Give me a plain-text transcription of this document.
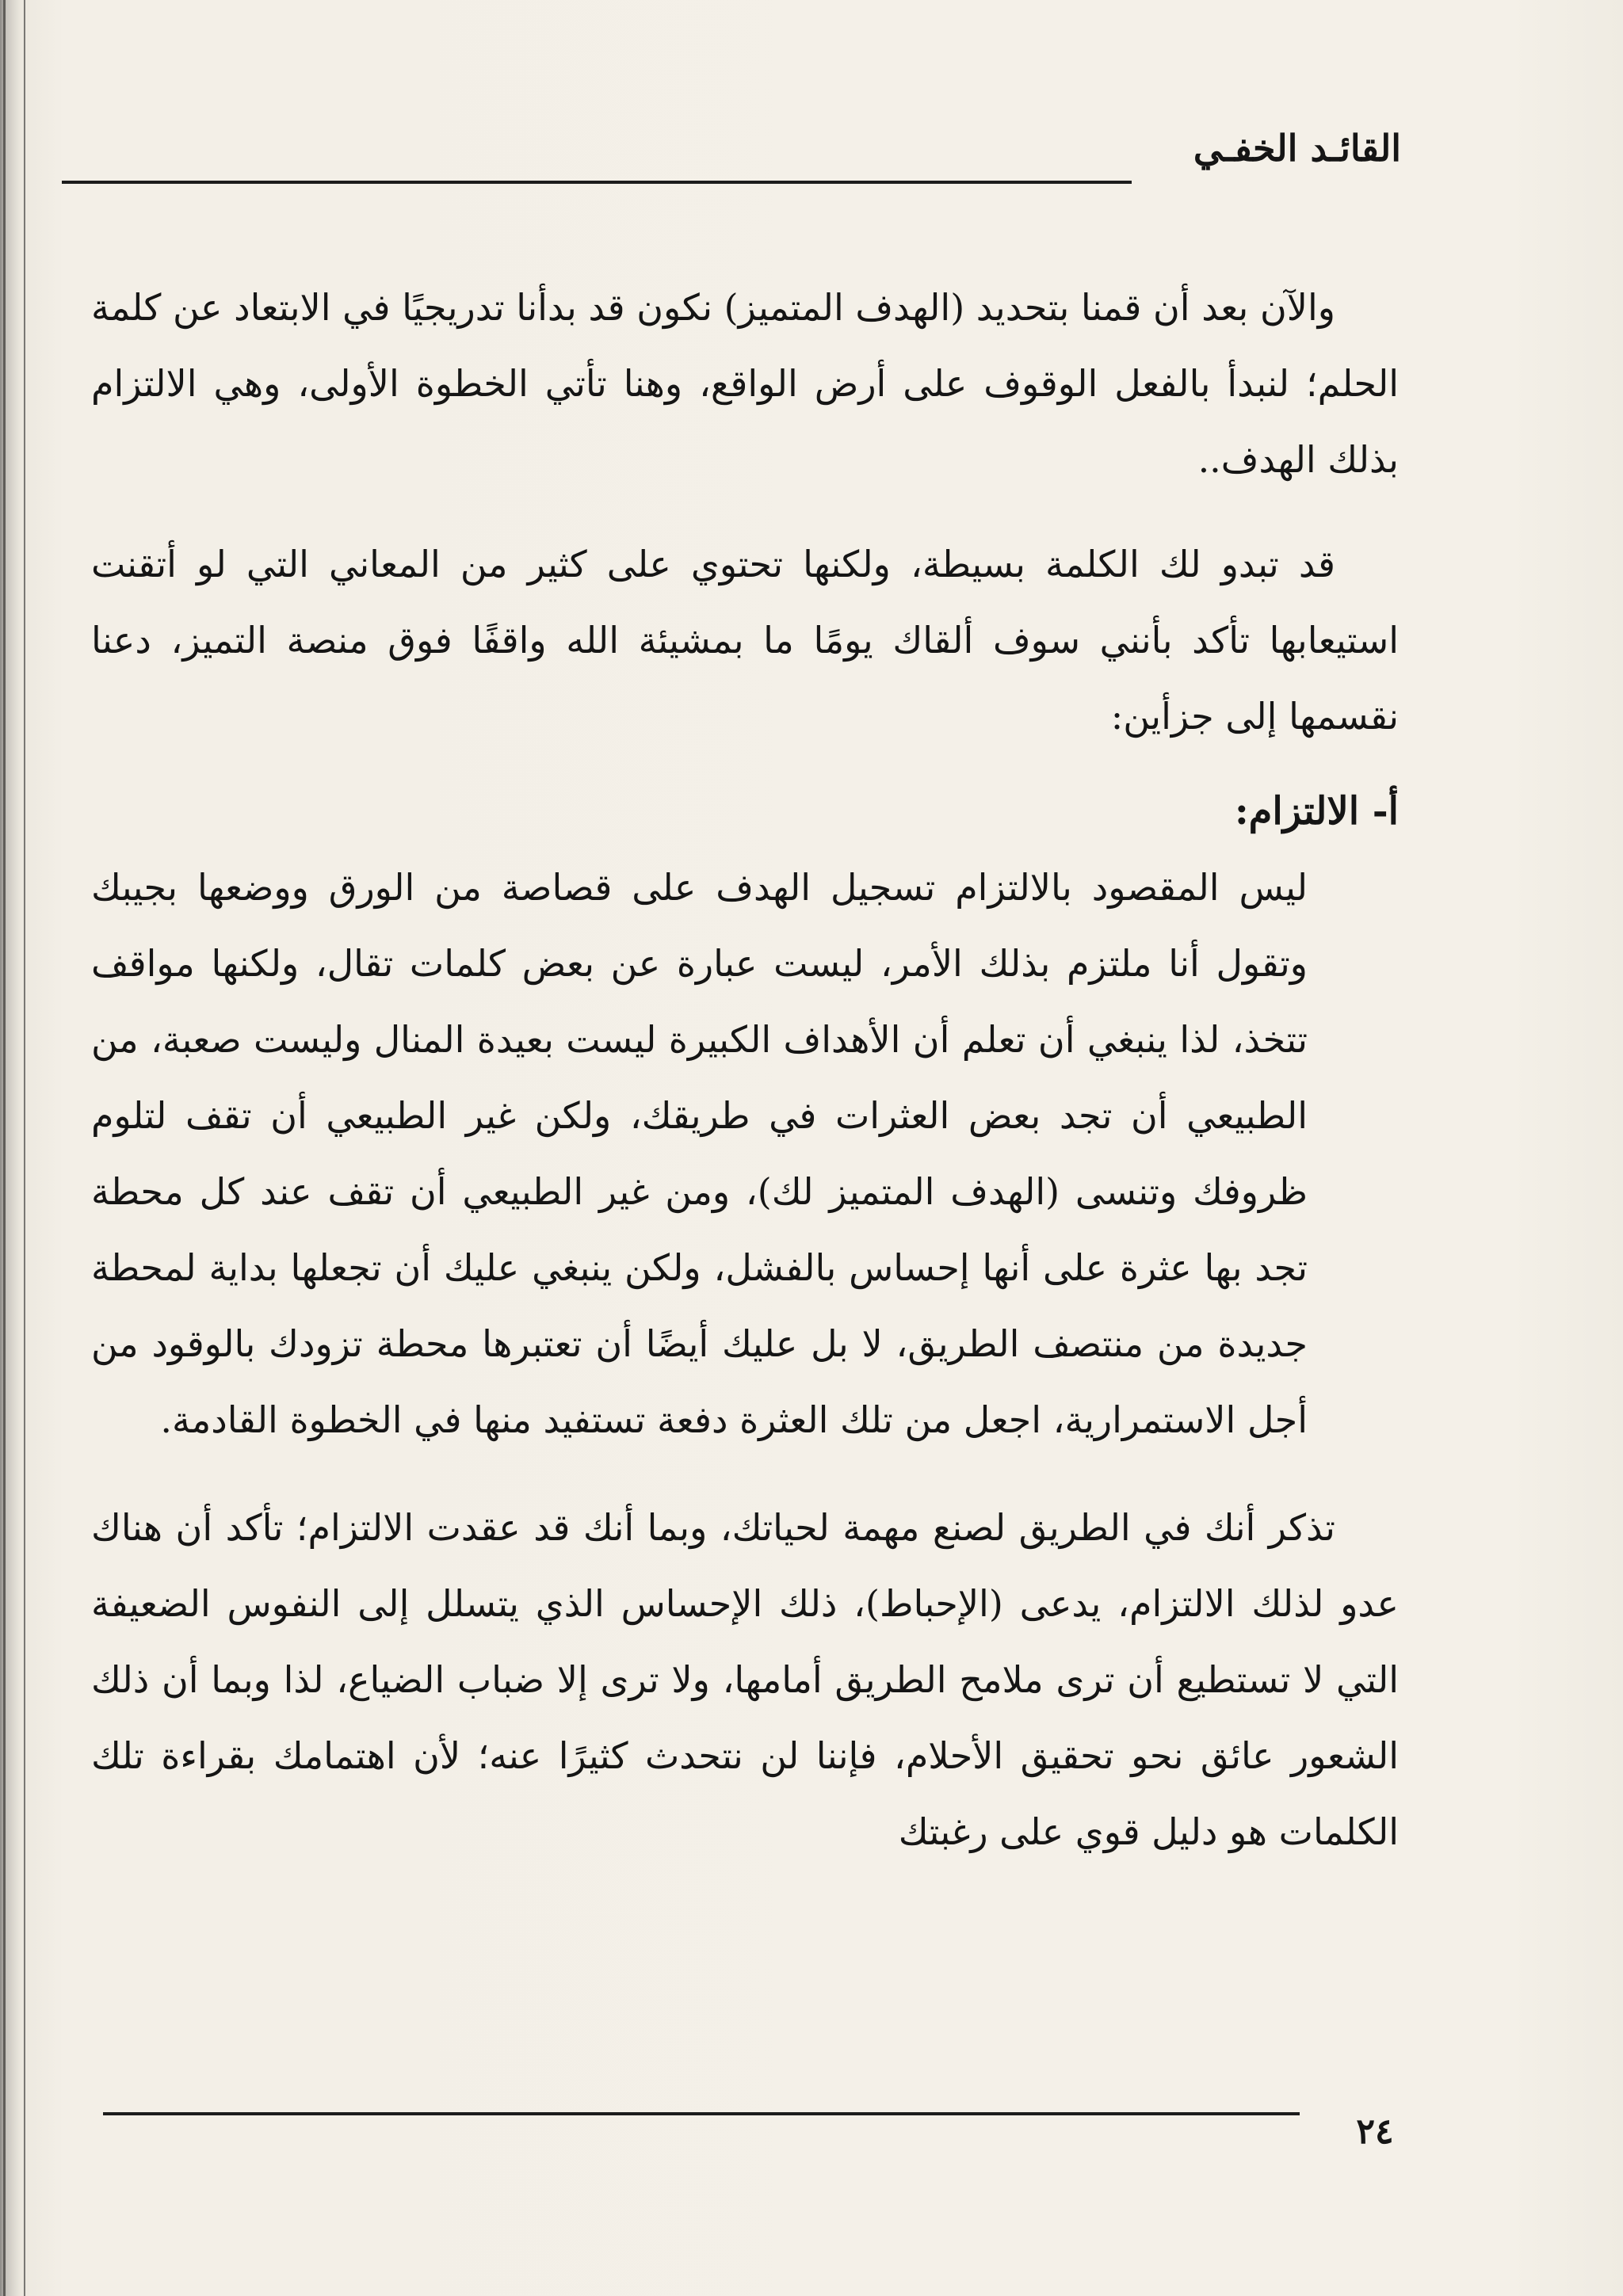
القائـد الخفـي

والآن بعد أن قمنا بتحديد (الهدف المتميز) نكون قد بدأنا تدريجيًا في الابتعاد عن كلمة الحلم؛ لنبدأ بالفعل الوقوف على أرض الواقع، وهنا تأتي الخطوة الأولى، وهي الالتزام بذلك الهدف..

قد تبدو لك الكلمة بسيطة، ولكنها تحتوي على كثير من المعاني التي لو أتقنت استيعابها تأكد بأنني سوف ألقاك يومًا ما بمشيئة الله واقفًا فوق منصة التميز، دعنا نقسمها إلى جزأين:

أ- الالتزام:

ليس المقصود بالالتزام تسجيل الهدف على قصاصة من الورق ووضعها بجيبك وتقول أنا ملتزم بذلك الأمر، ليست عبارة عن بعض كلمات تقال، ولكنها مواقف تتخذ، لذا ينبغي أن تعلم أن الأهداف الكبيرة ليست بعيدة المنال وليست صعبة، من الطبيعي أن تجد بعض العثرات في طريقك، ولكن غير الطبيعي أن تقف لتلوم ظروفك وتنسى (الهدف المتميز لك)، ومن غير الطبيعي أن تقف عند كل محطة تجد بها عثرة على أنها إحساس بالفشل، ولكن ينبغي عليك أن تجعلها بداية لمحطة جديدة من منتصف الطريق، لا بل عليك أيضًا أن تعتبرها محطة تزودك بالوقود من أجل الاستمرارية، اجعل من تلك العثرة دفعة تستفيد منها في الخطوة القادمة.

تذكر أنك في الطريق لصنع مهمة لحياتك، وبما أنك قد عقدت الالتزام؛ تأكد أن هناك عدو لذلك الالتزام، يدعى (الإحباط)، ذلك الإحساس الذي يتسلل إلى النفوس الضعيفة التي لا تستطيع أن ترى ملامح الطريق أمامها، ولا ترى إلا ضباب الضياع، لذا وبما أن ذلك الشعور عائق نحو تحقيق الأحلام، فإننا لن نتحدث كثيرًا عنه؛ لأن اهتمامك بقراءة تلك الكلمات هو دليل قوي على رغبتك

٢٤
